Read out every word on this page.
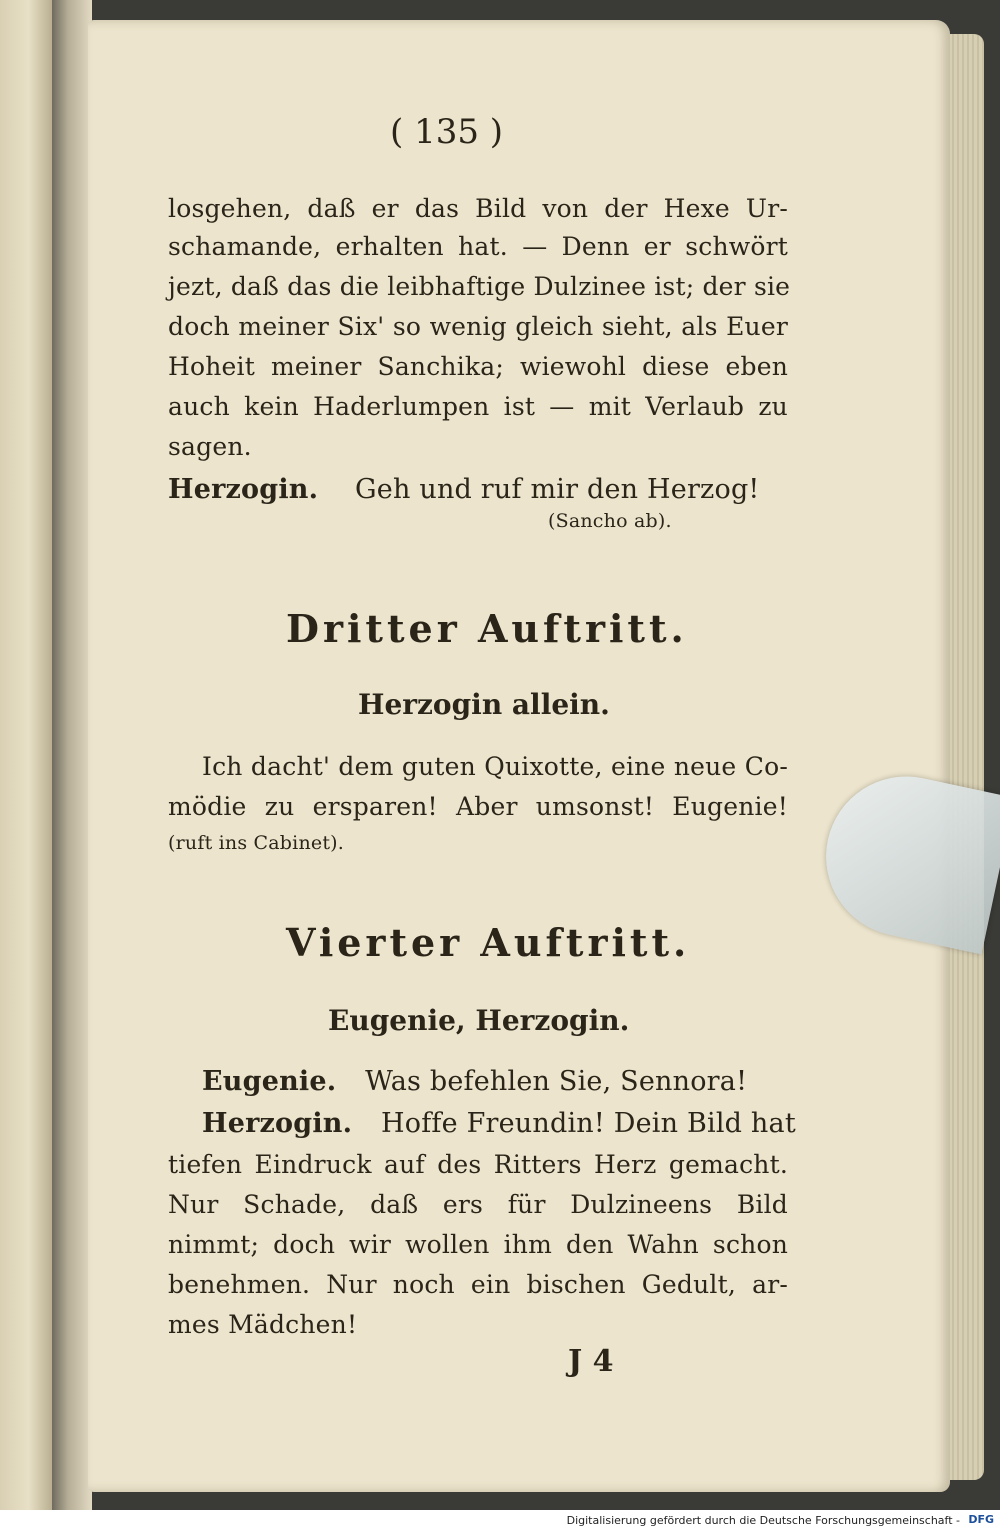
( 135 )
losgehen, daß er das Bild von der Hexe Ur-
schamande, erhalten hat. — Denn er schwört
jezt, daß das die leibhaftige Dulzinee ist; der sie
doch meiner Six' so wenig gleich sieht, als Euer
Hoheit meiner Sanchika; wiewohl diese eben
auch kein Haderlumpen ist — mit Verlaub zu
sagen.
Herzogin. Geh und ruf mir den Herzog!
(Sancho ab).
Dritter Auftritt.
Herzogin allein.
Ich dacht' dem guten Quixotte, eine neue Co-
mödie zu ersparen! Aber umsonst! Eugenie!
(ruft ins Cabinet).
Vierter Auftritt.
Eugenie, Herzogin.
Eugenie. Was befehlen Sie, Sennora!
Herzogin. Hoffe Freundin! Dein Bild hat
tiefen Eindruck auf des Ritters Herz gemacht.
Nur Schade, daß ers für Dulzineens Bild
nimmt; doch wir wollen ihm den Wahn schon
benehmen. Nur noch ein bischen Gedult, ar-
mes Mädchen!
J 4
Digitalisierung gefördert durch die Deutsche Forschungsgemeinschaft - DFG
